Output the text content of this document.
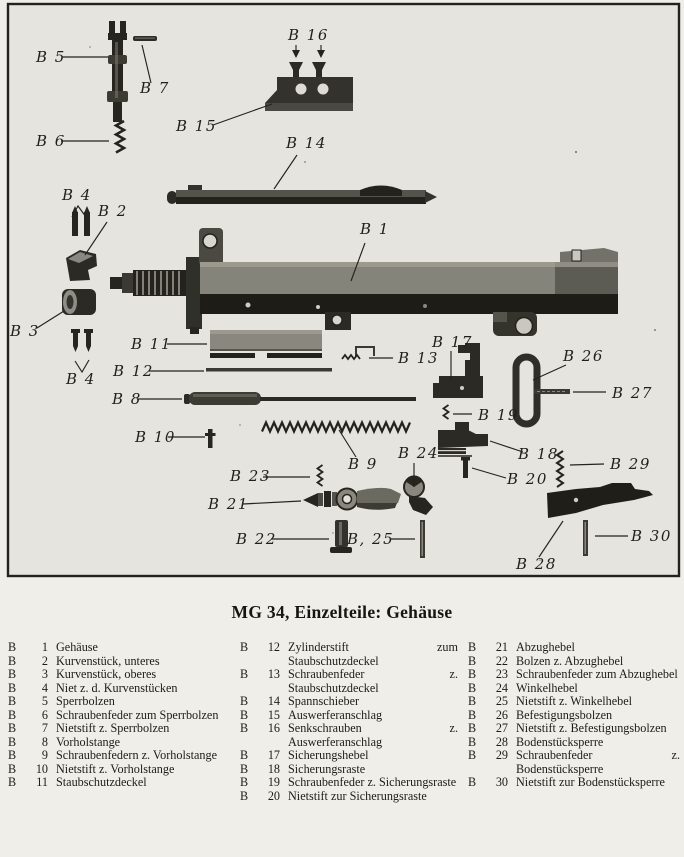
B 5
B 7
B 6
B 4
B 2
B 3
B 4
B 16
B 15
B 14
B 1
B 11
B 12
B 8
B 10
B 13
B 17
B 9
B 26
B 27
B 19
B 18
B 29
B 20
B 24
B 23
B 21
B 22	B, 25
B 28
B 30
MG 34, Einzelteile: Gehäuse
B	1 Gehäuse
B	2 Kurvenstück, unteres
B	3 Kurvenstück, oberes
B	4 Niet z. d. Kurvenstücken
B	5 Sperrbolzen
B	6 Schraubenfeder zum Sperrbolzen
B	7 Nietstift z. Sperrbolzen
B	8 Vorholstange
B	9 Schraubenfedern z. Vorholstange
B	10 Nietstift z. Vorholstange
B	11 Staubschutzdeckel
B	12 Zylinderstift zum Staubschutzdeckel
B	13 Schraubenfeder z. Staubschutzdeckel
B	14 Spannschieber
B	15 Auswerferanschlag
B	16 Senkschrauben z. Auswerferanschlag
B	17 Sicherungshebel
B	18 Sicherungsraste
B	19 Schraubenfeder z. Sicherungsraste
B	20 Nietstift zur Sicherungsraste
B	21 Abzughebel
B	22 Bolzen z. Abzughebel
B	23 Schraubenfeder zum Abzughebel
B	24 Winkelhebel
B	25 Nietstift z. Winkelhebel
B	26 Befestigungsbolzen
B	27 Nietstift z. Befestigungsbolzen
B	28 Bodenstücksperre
B	29 Schraubenfeder z. Bodenstücksperre
B	30 Nietstift zur Bodenstücksperre
